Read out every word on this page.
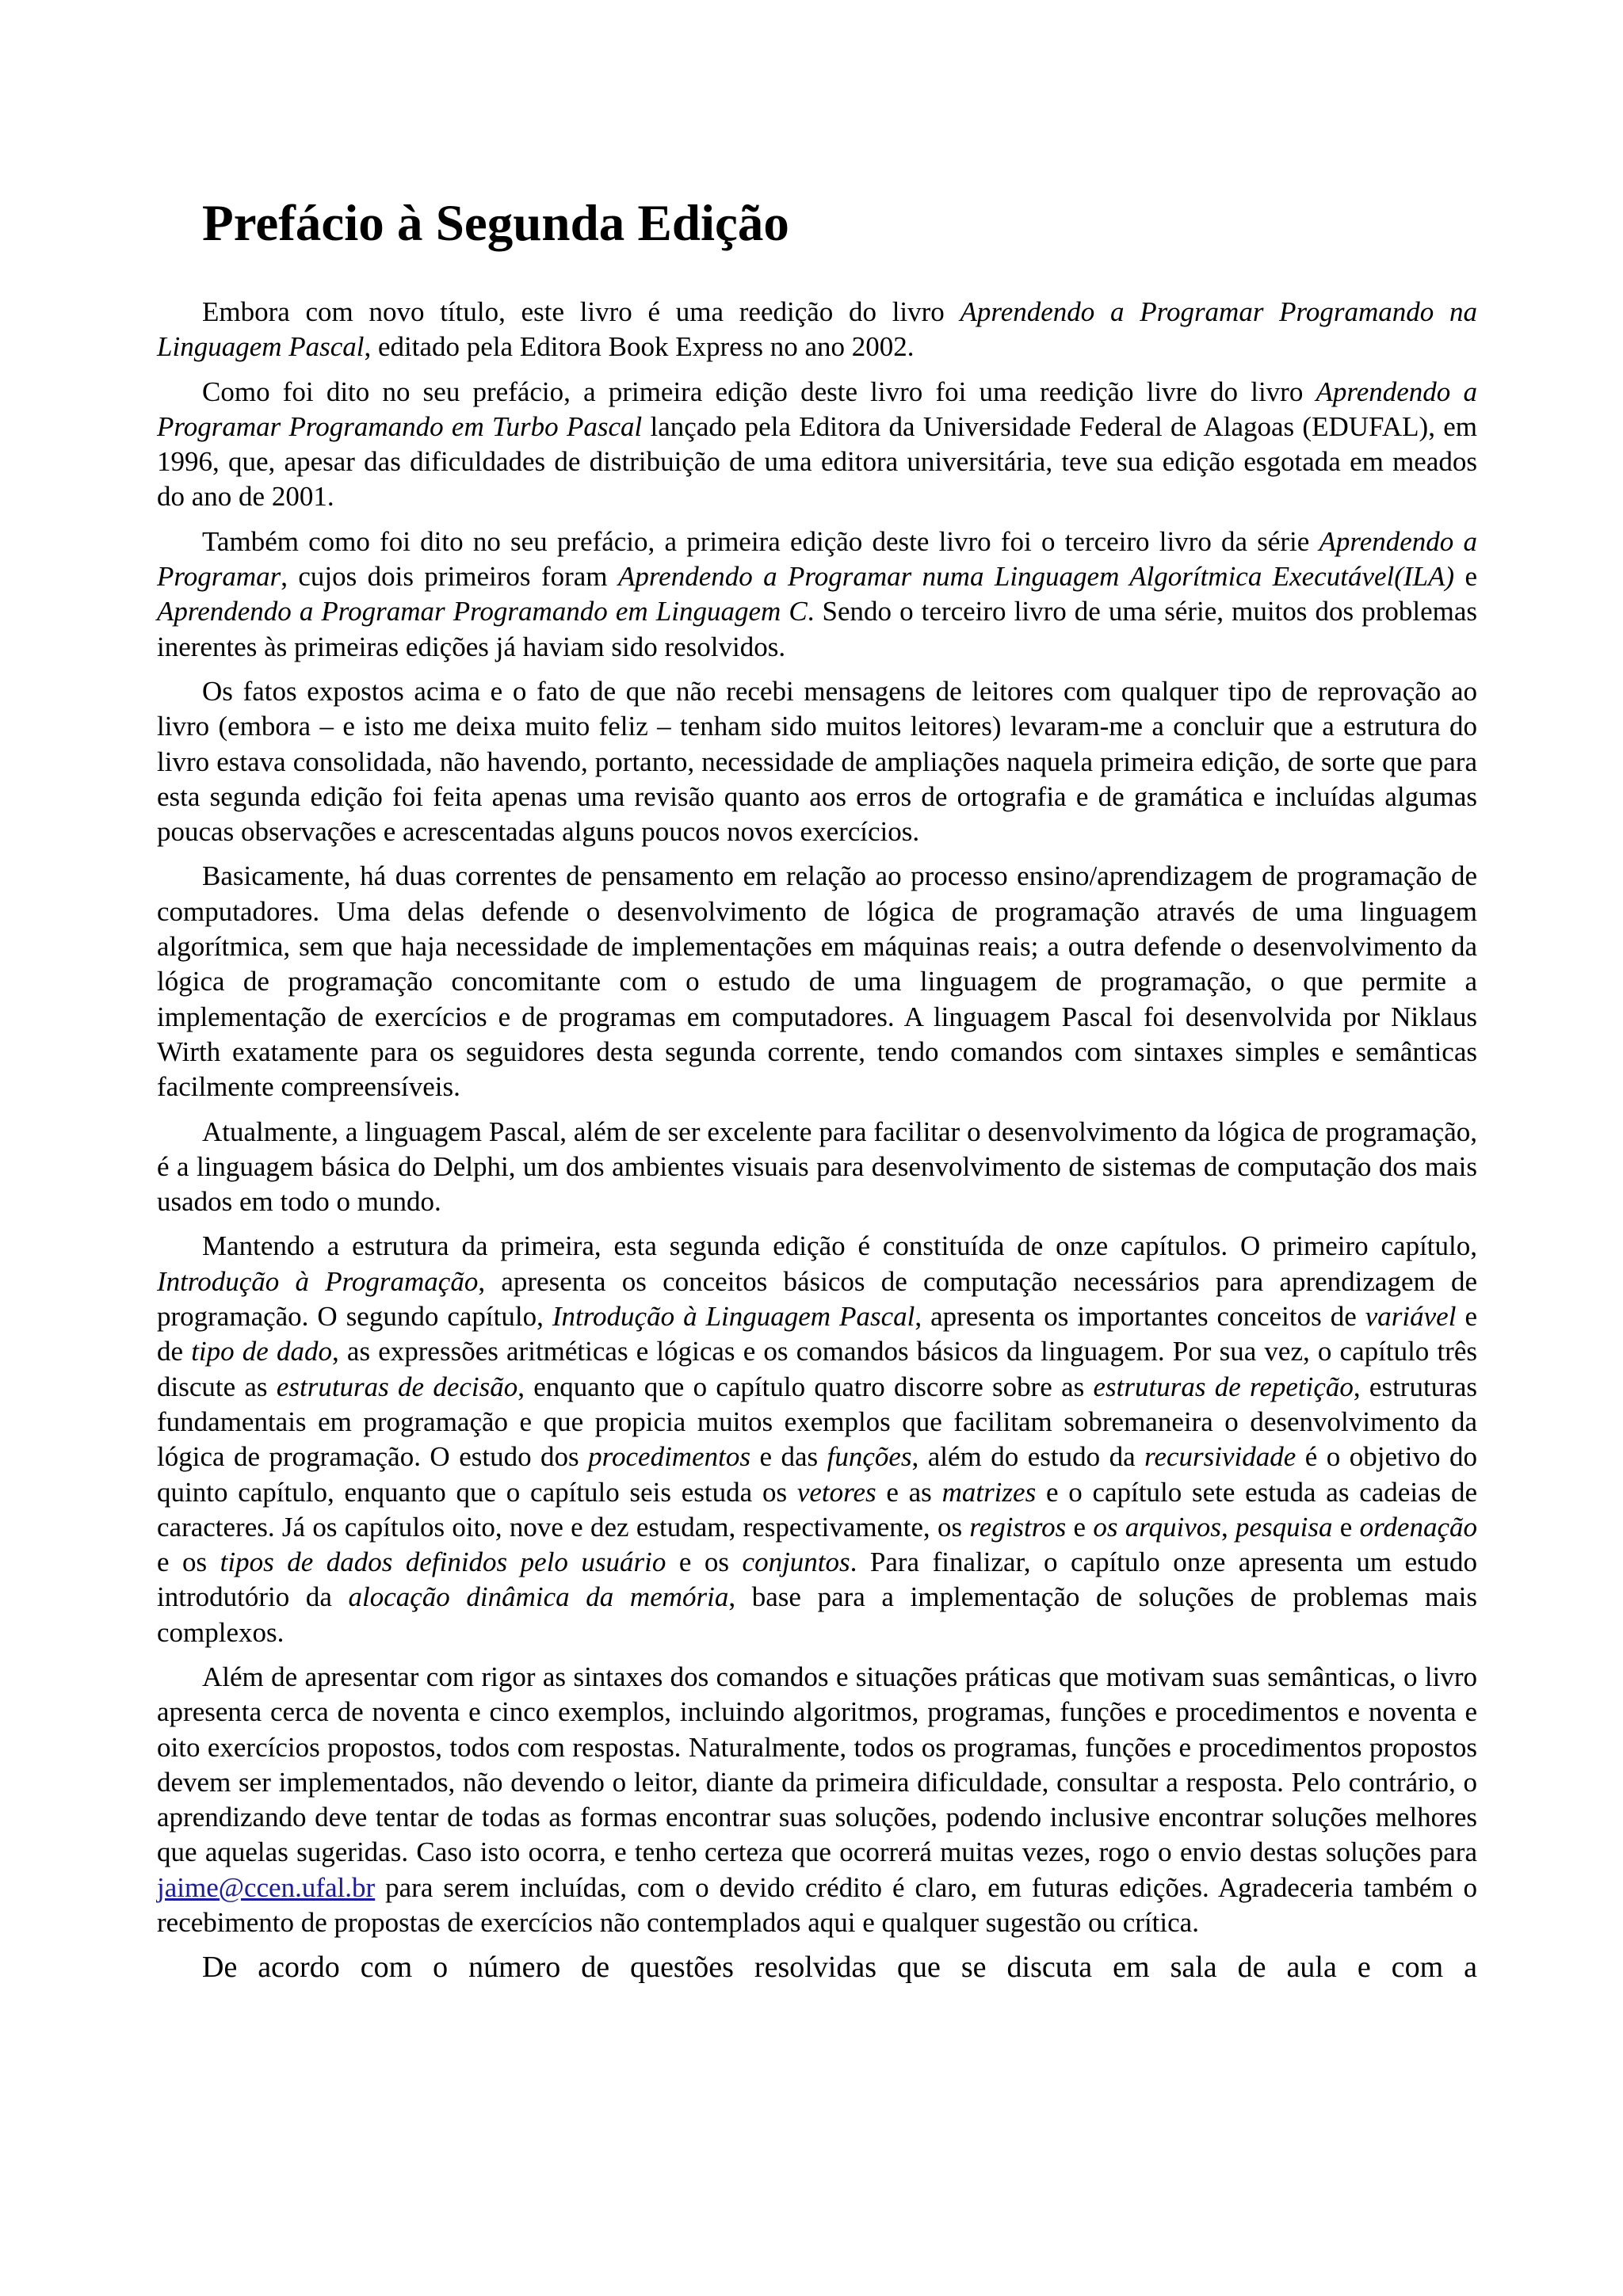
Prefácio à Segunda Edição

Embora com novo título, este livro é uma reedição do livro Aprendendo a Programar Programando na Linguagem Pascal, editado pela Editora Book Express no ano 2002.

Como foi dito no seu prefácio, a primeira edição deste livro foi uma reedição livre do livro Aprendendo a Programar Programando em Turbo Pascal lançado pela Editora da Universidade Federal de Alagoas (EDUFAL), em 1996, que, apesar das dificuldades de distribuição de uma editora universitária, teve sua edição esgotada em meados do ano de 2001.

Também como foi dito no seu prefácio, a primeira edição deste livro foi o terceiro livro da série Aprendendo a Programar, cujos dois primeiros foram Aprendendo a Programar numa Linguagem Algorítmica Executável(ILA) e Aprendendo a Programar Programando em Linguagem C. Sendo o terceiro livro de uma série, muitos dos problemas inerentes às primeiras edições já haviam sido resolvidos.

Os fatos expostos acima e o fato de que não recebi mensagens de leitores com qualquer tipo de reprovação ao livro (embora – e isto me deixa muito feliz – tenham sido muitos leitores) levaram-me a concluir que a estrutura do livro estava consolidada, não havendo, portanto, necessidade de ampliações naquela primeira edição, de sorte que para esta segunda edição foi feita apenas uma revisão quanto aos erros de ortografia e de gramática e incluídas algumas poucas observações e acrescentadas alguns poucos novos exercícios.

Basicamente, há duas correntes de pensamento em relação ao processo ensino/aprendizagem de programação de computadores. Uma delas defende o desenvolvimento de lógica de programação através de uma linguagem algorítmica, sem que haja necessidade de implementações em máquinas reais; a outra defende o desenvolvimento da lógica de programação concomitante com o estudo de uma linguagem de programação, o que permite a implementação de exercícios e de programas em computadores. A linguagem Pascal foi desenvolvida por Niklaus Wirth exatamente para os seguidores desta segunda corrente, tendo comandos com sintaxes simples e semânticas facilmente compreensíveis.

Atualmente, a linguagem Pascal, além de ser excelente para facilitar o desenvolvimento da lógica de programação, é a linguagem básica do Delphi, um dos ambientes visuais para desenvolvimento de sistemas de computação dos mais usados em todo o mundo.

Mantendo a estrutura da primeira, esta segunda edição é constituída de onze capítulos. O primeiro capítulo, Introdução à Programação, apresenta os conceitos básicos de computação necessários para aprendizagem de programação. O segundo capítulo, Introdução à Linguagem Pascal, apresenta os importantes conceitos de variável e de tipo de dado, as expressões aritméticas e lógicas e os comandos básicos da linguagem. Por sua vez, o capítulo três discute as estruturas de decisão, enquanto que o capítulo quatro discorre sobre as estruturas de repetição, estruturas fundamentais em programação e que propicia muitos exemplos que facilitam sobremaneira o desenvolvimento da lógica de programação. O estudo dos procedimentos e das funções, além do estudo da recursividade é o objetivo do quinto capítulo, enquanto que o capítulo seis estuda os vetores e as matrizes e o capítulo sete estuda as cadeias de caracteres. Já os capítulos oito, nove e dez estudam, respectivamente, os registros e os arquivos, pesquisa e ordenação e os tipos de dados definidos pelo usuário e os conjuntos. Para finalizar, o capítulo onze apresenta um estudo introdutório da alocação dinâmica da memória, base para a implementação de soluções de problemas mais complexos.

Além de apresentar com rigor as sintaxes dos comandos e situações práticas que motivam suas semânticas, o livro apresenta cerca de noventa e cinco exemplos, incluindo algoritmos, programas, funções e procedimentos e noventa e oito exercícios propostos, todos com respostas. Naturalmente, todos os programas, funções e procedimentos propostos devem ser implementados, não devendo o leitor, diante da primeira dificuldade, consultar a resposta. Pelo contrário, o aprendizando deve tentar de todas as formas encontrar suas soluções, podendo inclusive encontrar soluções melhores que aquelas sugeridas. Caso isto ocorra, e tenho certeza que ocorrerá muitas vezes, rogo o envio destas soluções para jaime@ccen.ufal.br para serem incluídas, com o devido crédito é claro, em futuras edições. Agradeceria também o recebimento de propostas de exercícios não contemplados aqui e qualquer sugestão ou crítica.

De acordo com o número de questões resolvidas que se discuta em sala de aula e com a
